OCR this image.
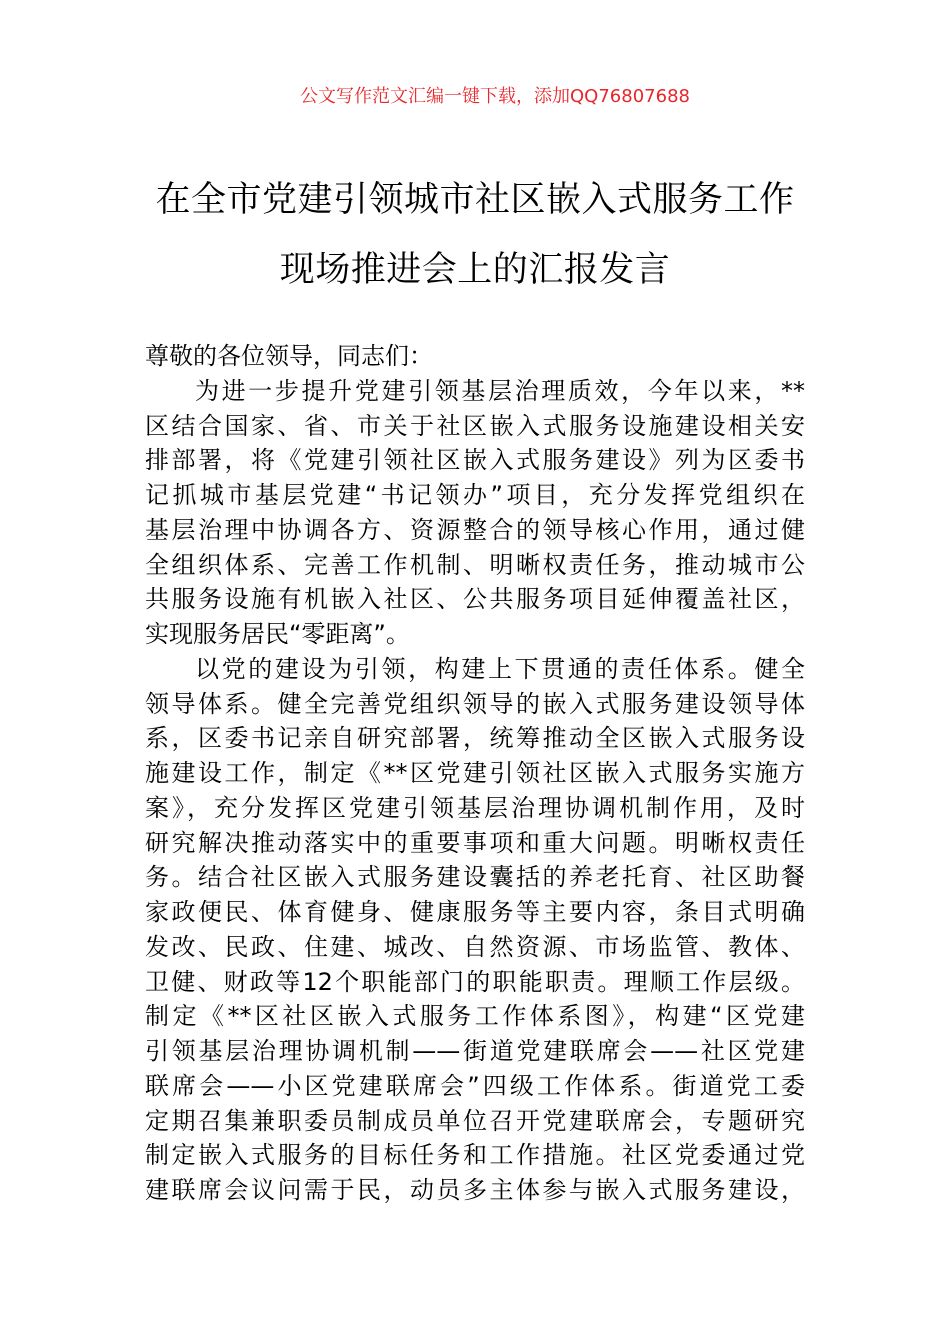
公文写作范文汇编一键下载，添加QQ76807688
在全市党建引领城市社区嵌入式服务工作
现场推进会上的汇报发言
尊敬的各位领导，同志们：
为进一步提升党建引领基层治理质效，今年以来，**
区结合国家、省、市关于社区嵌入式服务设施建设相关安
排部署，将《党建引领社区嵌入式服务建设》列为区委书
记抓城市基层党建“书记领办”项目，充分发挥党组织在
基层治理中协调各方、资源整合的领导核心作用，通过健
全组织体系、完善工作机制、明晰权责任务，推动城市公
共服务设施有机嵌入社区、公共服务项目延伸覆盖社区，
实现服务居民“零距离”。
以党的建设为引领，构建上下贯通的责任体系。健全
领导体系。健全完善党组织领导的嵌入式服务建设领导体
系，区委书记亲自研究部署，统筹推动全区嵌入式服务设
施建设工作，制定《**区党建引领社区嵌入式服务实施方
案》，充分发挥区党建引领基层治理协调机制作用，及时
研究解决推动落实中的重要事项和重大问题。明晰权责任
务。结合社区嵌入式服务建设囊括的养老托育、社区助餐
家政便民、体育健身、健康服务等主要内容，条目式明确
发改、民政、住建、城改、自然资源、市场监管、教体、
卫健、财政等12个职能部门的职能职责。理顺工作层级。
制定《**区社区嵌入式服务工作体系图》，构建“区党建
引领基层治理协调机制——街道党建联席会——社区党建
联席会——小区党建联席会”四级工作体系。街道党工委
定期召集兼职委员制成员单位召开党建联席会，专题研究
制定嵌入式服务的目标任务和工作措施。社区党委通过党
建联席会议问需于民，动员多主体参与嵌入式服务建设，
